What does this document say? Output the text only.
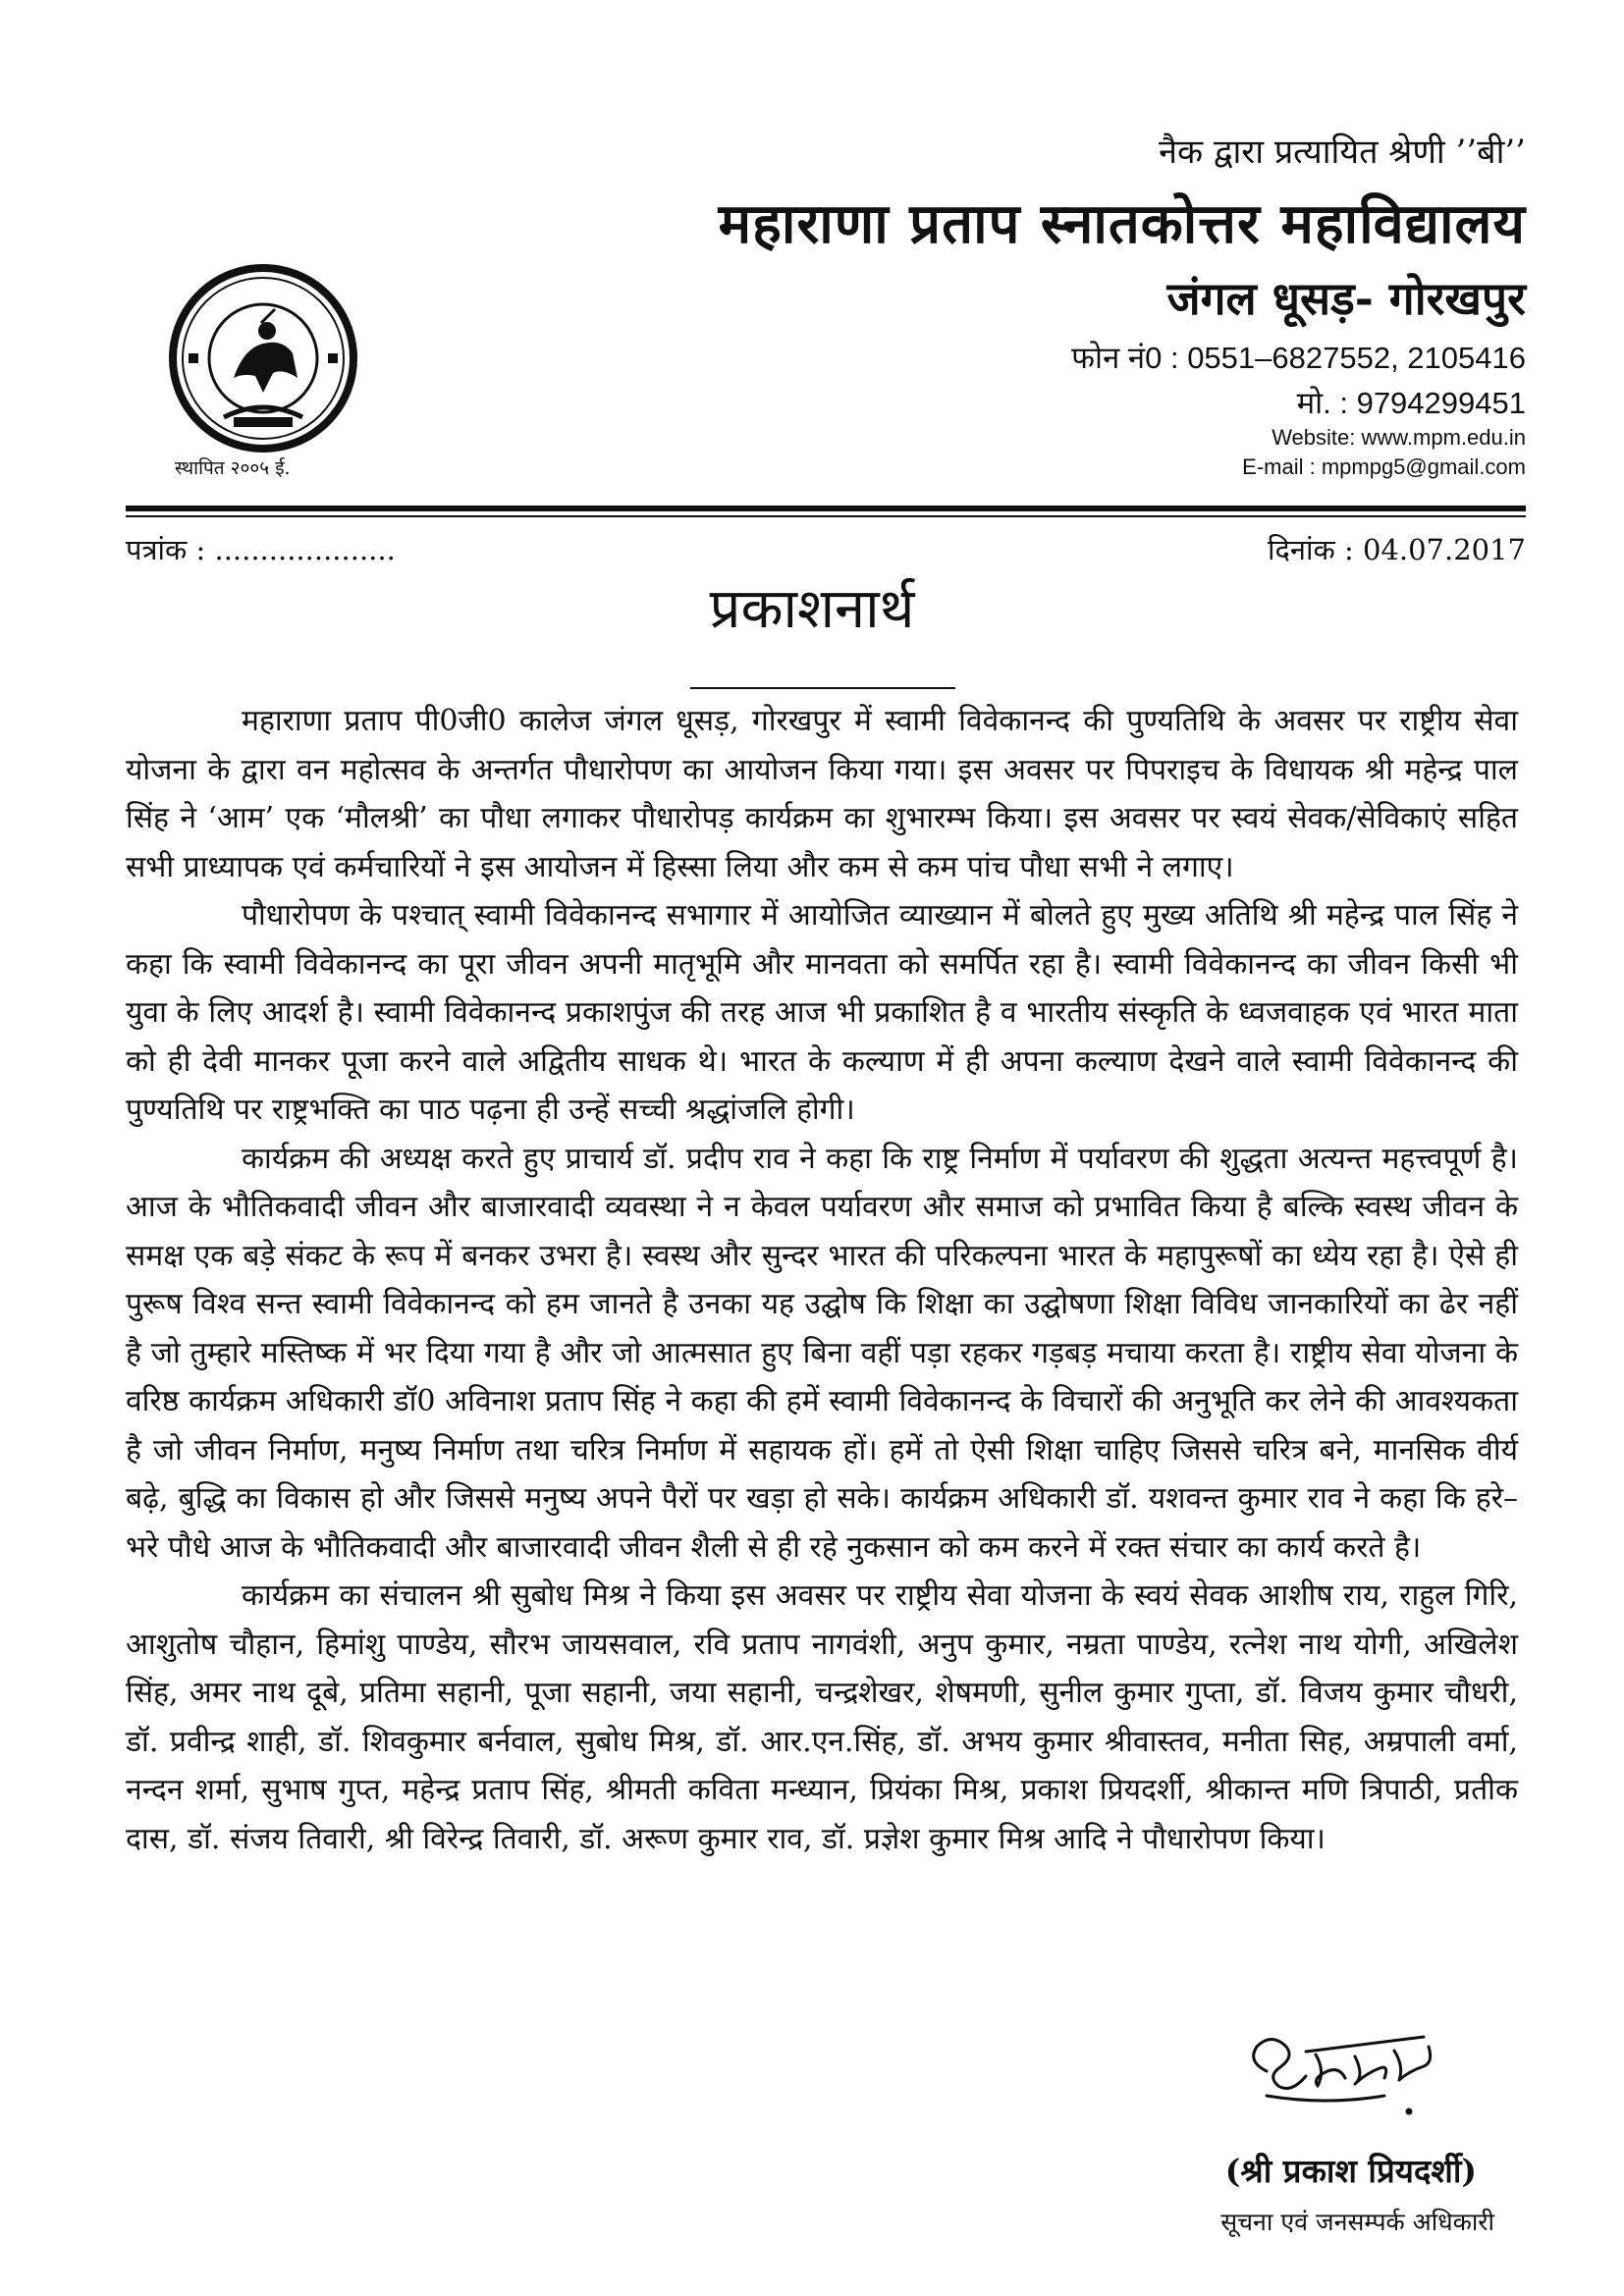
नैक द्वारा प्रत्यायित श्रेणी ’’बी’’
महाराणा प्रताप स्नातकोत्तर महाविद्यालय
जंगल धूसड़- गोरखपुर
फोन नं0 : 0551–6827552, 2105416
मो. : 9794299451
Website: www.mpm.edu.in
E-mail : mpmpg5@gmail.com
स्थापित २००५ ई.
पत्रांक : ....................	दिनांक : 04.07.2017
प्रकाशनार्थ

महाराणा प्रताप पी0जी0 कालेज जंगल धूसड़, गोरखपुर में स्वामी विवेकानन्द की पुण्यतिथि के अवसर पर राष्ट्रीय सेवा योजना के द्वारा वन महोत्सव के अन्तर्गत पौधारोपण का आयोजन किया गया। इस अवसर पर पिपराइच के विधायक श्री महेन्द्र पाल सिंह ने ‘आम’ एक ‘मौलश्री’ का पौधा लगाकर पौधारोपड़ कार्यक्रम का शुभारम्भ किया। इस अवसर पर स्वयं सेवक/सेविकाएं सहित सभी प्राध्यापक एवं कर्मचारियों ने इस आयोजन में हिस्सा लिया और कम से कम पांच पौधा सभी ने लगाए।

पौधारोपण के पश्चात् स्वामी विवेकानन्द सभागार में आयोजित व्याख्यान में बोलते हुए मुख्य अतिथि श्री महेन्द्र पाल सिंह ने कहा कि स्वामी विवेकानन्द का पूरा जीवन अपनी मातृभूमि और मानवता को समर्पित रहा है। स्वामी विवेकानन्द का जीवन किसी भी युवा के लिए आदर्श है। स्वामी विवेकानन्द प्रकाशपुंज की तरह आज भी प्रकाशित है व भारतीय संस्कृति के ध्वजवाहक एवं भारत माता को ही देवी मानकर पूजा करने वाले अद्वितीय साधक थे। भारत के कल्याण में ही अपना कल्याण देखने वाले स्वामी विवेकानन्द की पुण्यतिथि पर राष्ट्रभक्ति का पाठ पढ़ना ही उन्हें सच्ची श्रद्धांजलि होगी।

कार्यक्रम की अध्यक्ष करते हुए प्राचार्य डॉ. प्रदीप राव ने कहा कि राष्ट्र निर्माण में पर्यावरण की शुद्धता अत्यन्त महत्त्वपूर्ण है। आज के भौतिकवादी जीवन और बाजारवादी व्यवस्था ने न केवल पर्यावरण और समाज को प्रभावित किया है बल्कि स्वस्थ जीवन के समक्ष एक बड़े संकट के रूप में बनकर उभरा है। स्वस्थ और सुन्दर भारत की परिकल्पना भारत के महापुरूषों का ध्येय रहा है। ऐसे ही पुरूष विश्व सन्त स्वामी विवेकानन्द को हम जानते है उनका यह उद्घोष कि शिक्षा का उद्घोषणा शिक्षा विविध जानकारियों का ढेर नहीं है जो तुम्हारे मस्तिष्क में भर दिया गया है और जो आत्मसात हुए बिना वहीं पड़ा रहकर गड़बड़ मचाया करता है। राष्ट्रीय सेवा योजना के वरिष्ठ कार्यक्रम अधिकारी डॉ0 अविनाश प्रताप सिंह ने कहा की हमें स्वामी विवेकानन्द के विचारों की अनुभूति कर लेने की आवश्यकता है जो जीवन निर्माण, मनुष्य निर्माण तथा चरित्र निर्माण में सहायक हों। हमें तो ऐसी शिक्षा चाहिए जिससे चरित्र बने, मानसिक वीर्य बढ़े, बुद्धि का विकास हो और जिससे मनुष्य अपने पैरों पर खड़ा हो सके। कार्यक्रम अधिकारी डॉ. यशवन्त कुमार राव ने कहा कि हरे–भरे पौधे आज के भौतिकवादी और बाजारवादी जीवन शैली से ही रहे नुकसान को कम करने में रक्त संचार का कार्य करते है।

कार्यक्रम का संचालन श्री सुबोध मिश्र ने किया इस अवसर पर राष्ट्रीय सेवा योजना के स्वयं सेवक आशीष राय, राहुल गिरि, आशुतोष चौहान, हिमांशु पाण्डेय, सौरभ जायसवाल, रवि प्रताप नागवंशी, अनुप कुमार, नम्रता पाण्डेय, रत्नेश नाथ योगी, अखिलेश सिंह, अमर नाथ दूबे, प्रतिमा सहानी, पूजा सहानी, जया सहानी, चन्द्रशेखर, शेषमणी, सुनील कुमार गुप्ता, डॉ. विजय कुमार चौधरी, डॉ. प्रवीन्द्र शाही, डॉ. शिवकुमार बर्नवाल, सुबोध मिश्र, डॉ. आर.एन.सिंह, डॉ. अभय कुमार श्रीवास्तव, मनीता सिह, अम्रपाली वर्मा, नन्दन शर्मा, सुभाष गुप्त, महेन्द्र प्रताप सिंह, श्रीमती कविता मन्ध्यान, प्रियंका मिश्र, प्रकाश प्रियदर्शी, श्रीकान्त मणि त्रिपाठी, प्रतीक दास, डॉ. संजय तिवारी, श्री विरेन्द्र तिवारी, डॉ. अरूण कुमार राव, डॉ. प्रज्ञेश कुमार मिश्र आदि ने पौधारोपण किया।

(श्री प्रकाश प्रियदर्शी)
सूचना एवं जनसम्पर्क अधिकारी
